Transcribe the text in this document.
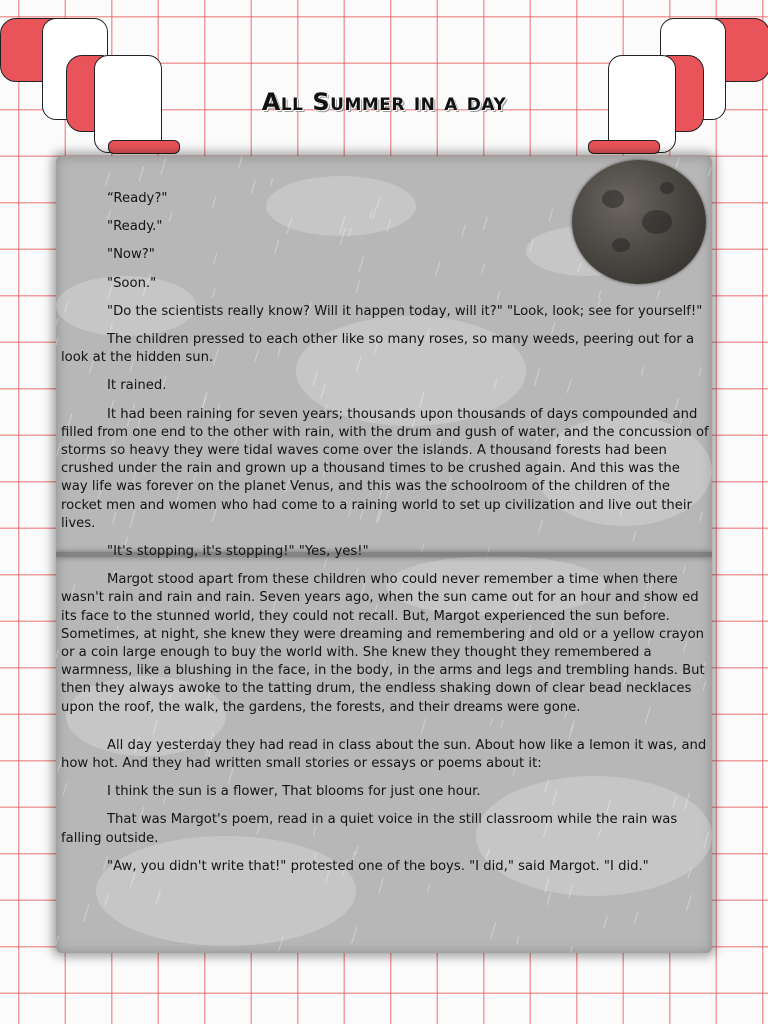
All Summer in a day

“Ready?"

"Ready."

"Now?"

"Soon."

"Do the scientists really know? Will it happen today, will it?" "Look, look; see for yourself!"

The children pressed to each other like so many roses, so many weeds, peering out for a look at the hidden sun.

It rained.

It had been raining for seven years; thousands upon thousands of days compounded and filled from one end to the other with rain, with the drum and gush of water, and the concussion of storms so heavy they were tidal waves come over the islands. A thousand forests had been crushed under the rain and grown up a thousand times to be crushed again. And this was the way life was forever on the planet Venus, and this was the schoolroom of the children of the rocket men and women who had come to a raining world to set up civilization and live out their lives.

"It's stopping, it's stopping!" "Yes, yes!"

Margot stood apart from these children who could never remember a time when there wasn't rain and rain and rain. Seven years ago, when the sun came out for an hour and show ed its face to the stunned world, they could not recall. But, Margot experienced the sun before. Sometimes, at night, she knew they were dreaming and remembering and old or a yellow crayon or a coin large enough to buy the world with. She knew they thought they remembered a warmness, like a blushing in the face, in the body, in the arms and legs and trembling hands. But then they always awoke to the tatting drum, the endless shaking down of clear bead necklaces upon the roof, the walk, the gardens, the forests, and their dreams were gone.

All day yesterday they had read in class about the sun. About how like a lemon it was, and how hot. And they had written small stories or essays or poems about it:

I think the sun is a flower, That blooms for just one hour.

That was Margot's poem, read in a quiet voice in the still classroom while the rain was falling outside.

"Aw, you didn't write that!" protested one of the boys. "I did," said Margot. "I did."
